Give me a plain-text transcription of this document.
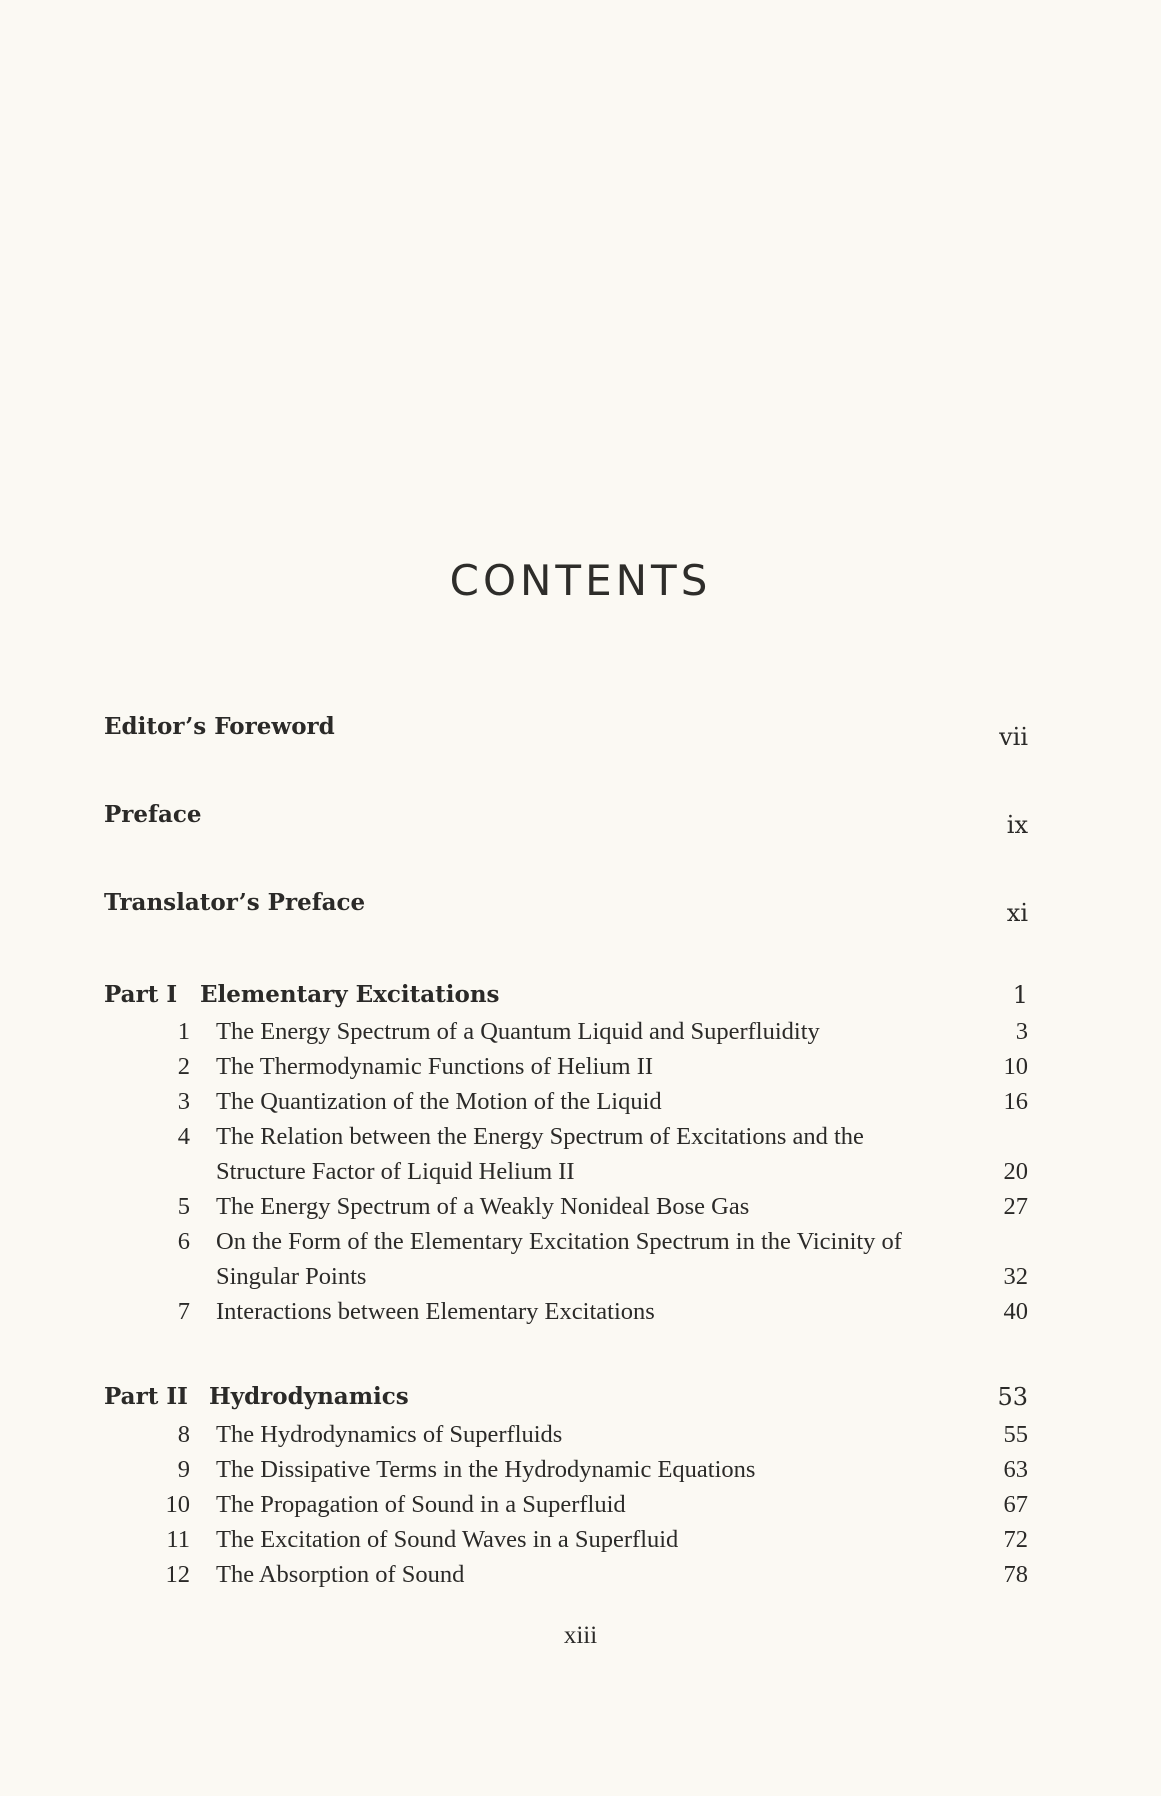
CONTENTS
Editor’s Foreword	vii
Preface	ix
Translator’s Preface	xi
Part I Elementary Excitations	1
1 The Energy Spectrum of a Quantum Liquid and Superfluidity	3
2 The Thermodynamic Functions of Helium II	10
3 The Quantization of the Motion of the Liquid	16
4 The Relation between the Energy Spectrum of Excitations and the Structure Factor of Liquid Helium II	20
5 The Energy Spectrum of a Weakly Nonideal Bose Gas	27
6 On the Form of the Elementary Excitation Spectrum in the Vicinity of Singular Points	32
7 Interactions between Elementary Excitations	40
Part II Hydrodynamics	53
8 The Hydrodynamics of Superfluids	55
9 The Dissipative Terms in the Hydrodynamic Equations	63
10 The Propagation of Sound in a Superfluid	67
11 The Excitation of Sound Waves in a Superfluid	72
12 The Absorption of Sound	78
xiii
